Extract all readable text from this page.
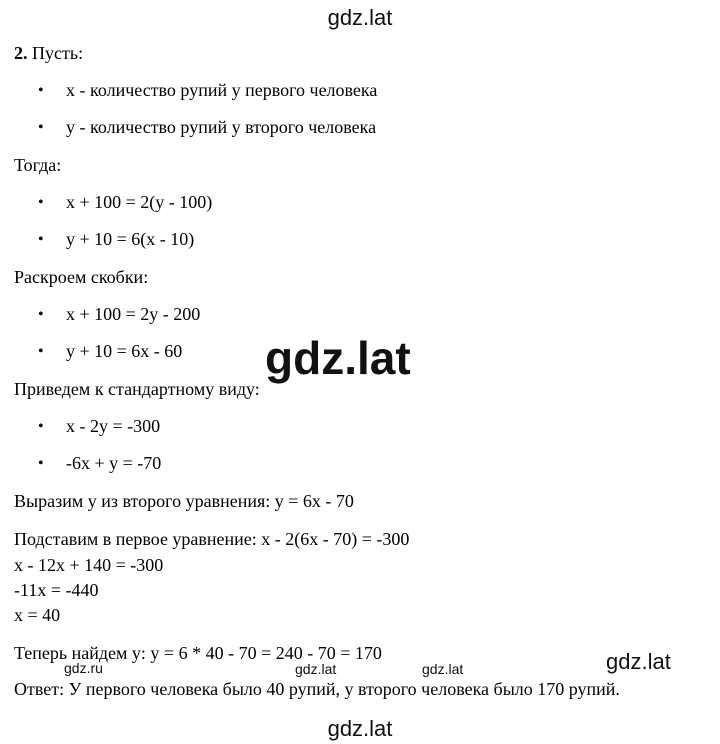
gdz.lat
2. Пусть:
• x - количество рупий у первого человека
• y - количество рупий у второго человека
Тогда:
• x + 100 = 2(y - 100)
• y + 10 = 6(x - 10)
Раскроем скобки:
• x + 100 = 2y - 200
• y + 10 = 6x - 60
Приведем к стандартному виду:
• x - 2y = -300
• -6x + y = -70
Выразим y из второго уравнения: y = 6x - 70
Подставим в первое уравнение: x - 2(6x - 70) = -300
x - 12x + 140 = -300
-11x = -440
x = 40
Теперь найдем y: y = 6 * 40 - 70 = 240 - 70 = 170
Ответ: У первого человека было 40 рупий, у второго человека было 170 рупий.
gdz.lat
gdz.ru	gdz.lat	gdz.lat	gdz.lat
gdz.lat
